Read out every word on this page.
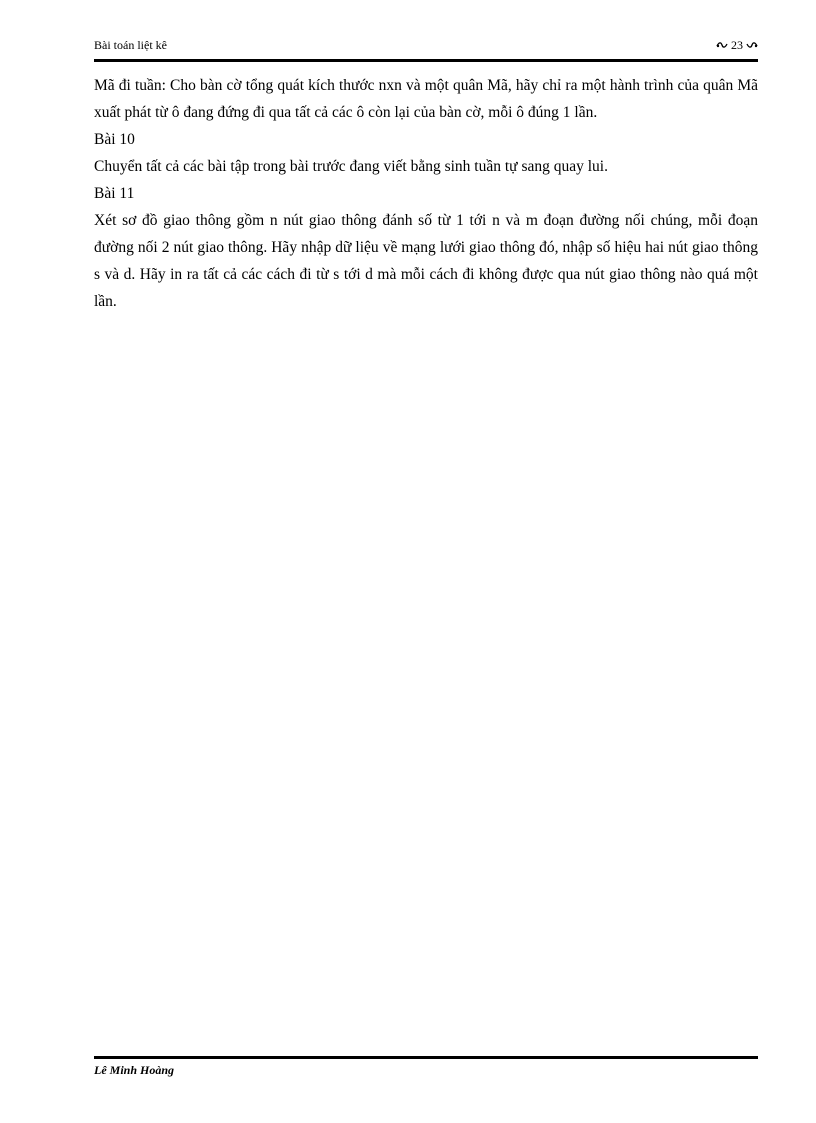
Bài toán liệt kê	23

Mã đi tuần: Cho bàn cờ tổng quát kích thước nxn và một quân Mã, hãy chỉ ra một hành trình của quân Mã xuất phát từ ô đang đứng đi qua tất cả các ô còn lại của bàn cờ, mỗi ô đúng 1 lần.

Bài 10

Chuyển tất cả các bài tập trong bài trước đang viết bằng sinh tuần tự sang quay lui.

Bài 11

Xét sơ đồ giao thông gồm n nút giao thông đánh số từ 1 tới n và m đoạn đường nối chúng, mỗi đoạn đường nối 2 nút giao thông. Hãy nhập dữ liệu về mạng lưới giao thông đó, nhập số hiệu hai nút giao thông s và d. Hãy in ra tất cả các cách đi từ s tới d mà mỗi cách đi không được qua nút giao thông nào quá một lần.

Lê Minh Hoàng
